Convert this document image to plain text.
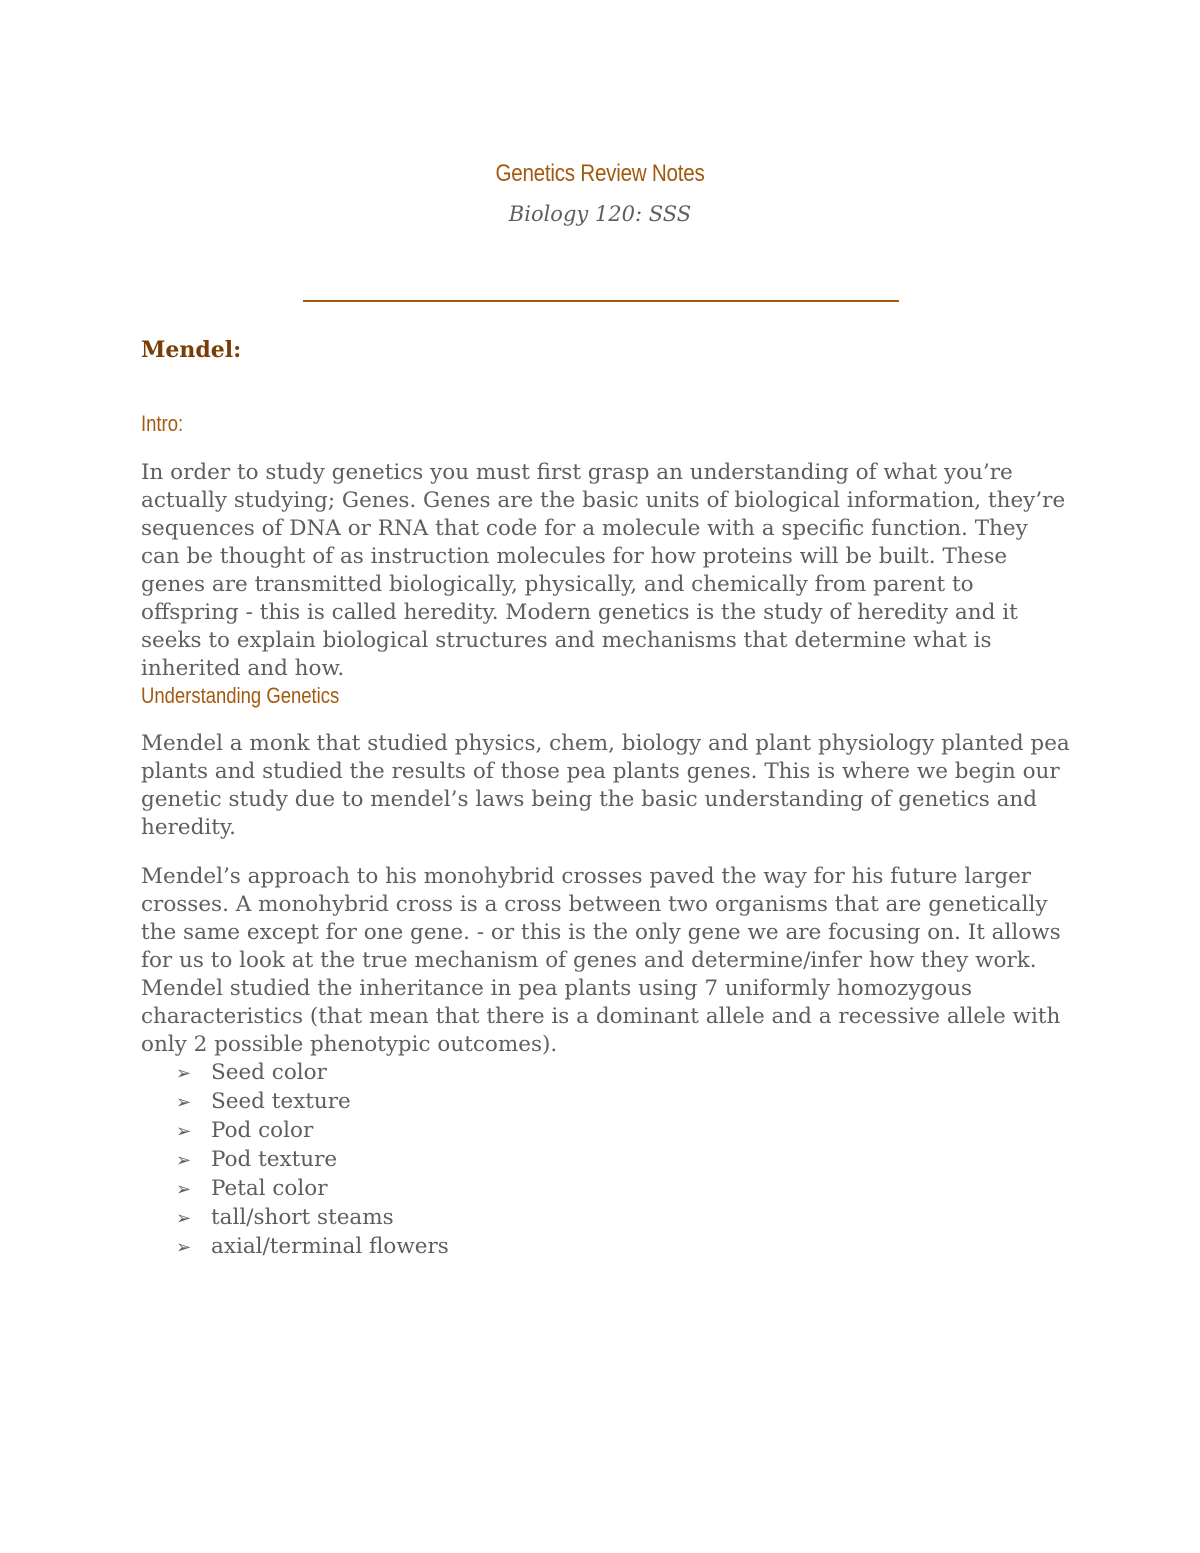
Genetics Review Notes
Biology 120: SSS
Mendel:
Intro:

In order to study genetics you must first grasp an understanding of what you’re actually studying; Genes. Genes are the basic units of biological information, they’re sequences of DNA or RNA that code for a molecule with a specific function. They can be thought of as instruction molecules for how proteins will be built. These genes are transmitted biologically, physically, and chemically from parent to offspring - this is called heredity. Modern genetics is the study of heredity and it seeks to explain biological structures and mechanisms that determine what is inherited and how.

Understanding Genetics

Mendel a monk that studied physics, chem, biology and plant physiology planted pea plants and studied the results of those pea plants genes. This is where we begin our genetic study due to mendel’s laws being the basic understanding of genetics and heredity.

Mendel’s approach to his monohybrid crosses paved the way for his future larger crosses. A monohybrid cross is a cross between two organisms that are genetically the same except for one gene. - or this is the only gene we are focusing on. It allows for us to look at the true mechanism of genes and determine/infer how they work. Mendel studied the inheritance in pea plants using 7 uniformly homozygous characteristics (that mean that there is a dominant allele and a recessive allele with only 2 possible phenotypic outcomes).

➢ Seed color
➢ Seed texture
➢ Pod color
➢ Pod texture
➢ Petal color
➢ tall/short steams
➢ axial/terminal flowers
